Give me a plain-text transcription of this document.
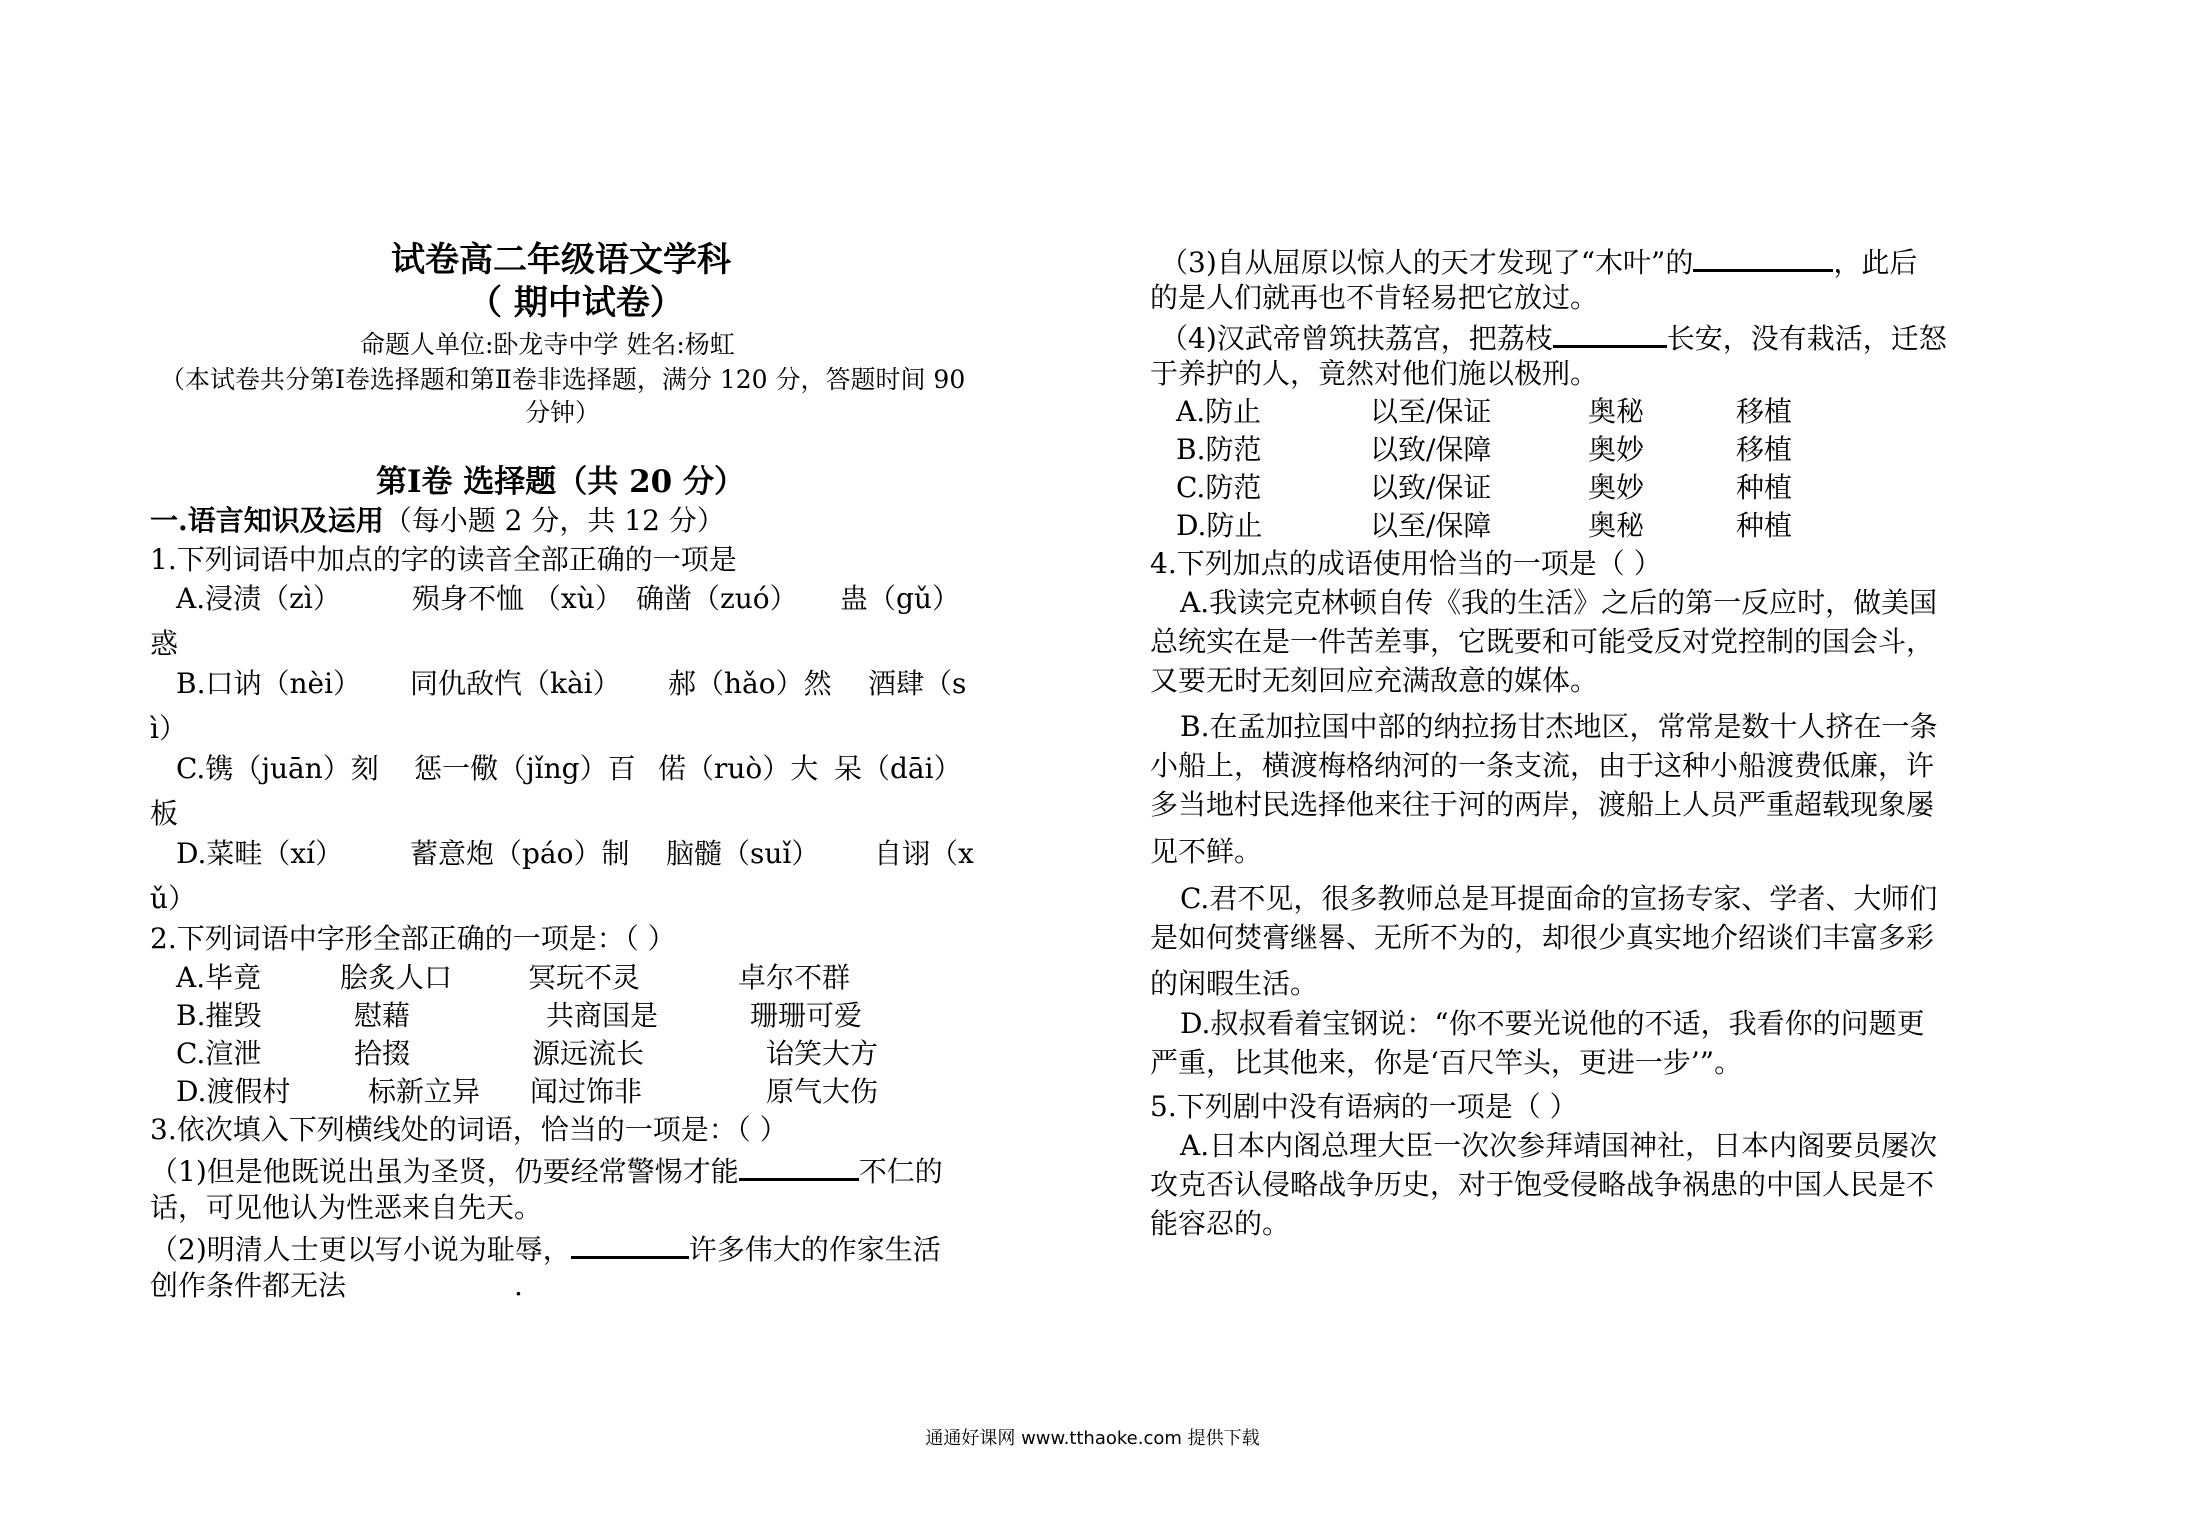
试卷高二年级语文学科
（ 期中试卷）
命题人单位:卧龙寺中学 姓名:杨虹
（本试卷共分第Ⅰ卷选择题和第Ⅱ卷非选择题，满分 120 分，答题时间 90
分钟）
第Ⅰ卷 选择题（共 20 分）
一.语言知识及运用（每小题 2 分，共 12 分）
1.下列词语中加点的字的读音全部正确的一项是
A.浸渍（zì）	殒身不恤 （xù） 确凿（zuó） 蛊（gǔ）
惑
B.口讷（nèi） 同仇敌忾（kài） 郝（hǎo）然 酒肆（s
ì）
C.镌（juān）刻 惩一儆（jǐng）百 偌（ruò）大 呆（dāi）
板
D.菜畦（xí） 蓄意炮（páo）制 脑髓（suǐ） 自诩（x
ǔ）
2.下列词语中字形全部正确的一项是：（ ）
A.毕竟	脍炙人口	冥玩不灵	卓尔不群
B.摧毁	慰藉	共商国是	珊珊可爱
C.渲泄	拾掇	源远流长	诒笑大方
D.渡假村	标新立异 闻过饰非	原气大伤
3.依次填入下列横线处的词语，恰当的一项是：（ ）
（1)但是他既说出虽为圣贤，仍要经常警惕才能	不仁的
话，可见他认为性恶来自先天。
（2)明清人士更以写小说为耻辱，	许多伟大的作家生活
创作条件都无法	.
（3)自从屈原以惊人的天才发现了“木叶”的	，此后
的是人们就再也不肯轻易把它放过。
（4)汉武帝曾筑扶荔宫，把荔枝	长安，没有栽活，迁怒
于养护的人，竟然对他们施以极刑。
A.防止	以至/保证	奥秘	移植
B.防范	以致/保障	奥妙	移植
C.防范	以致/保证	奥妙	种植
D.防止	以至/保障	奥秘	种植
4.下列加点的成语使用恰当的一项是（ ）
A.我读完克林顿自传《我的生活》之后的第一反应时，做美国
总统实在是一件苦差事，它既要和可能受反对党控制的国会斗，
又要无时无刻回应充满敌意的媒体。
B.在孟加拉国中部的纳拉扬甘杰地区，常常是数十人挤在一条
小船上，横渡梅格纳河的一条支流，由于这种小船渡费低廉，许
多当地村民选择他来往于河的两岸，渡船上人员严重超载现象屡
见不鲜。
C.君不见，很多教师总是耳提面命的宣扬专家、学者、大师们
是如何焚膏继晷、无所不为的，却很少真实地介绍谈们丰富多彩
的闲暇生活。
D.叔叔看着宝钢说：“你不要光说他的不适，我看你的问题更
严重，比其他来，你是‘百尺竿头，更进一步’”。
5.下列剧中没有语病的一项是（ ）
A.日本内阁总理大臣一次次参拜靖国神社，日本内阁要员屡次
攻克否认侵略战争历史，对于饱受侵略战争祸患的中国人民是不
能容忍的。
通通好课网 www.tthaoke.com 提供下载
